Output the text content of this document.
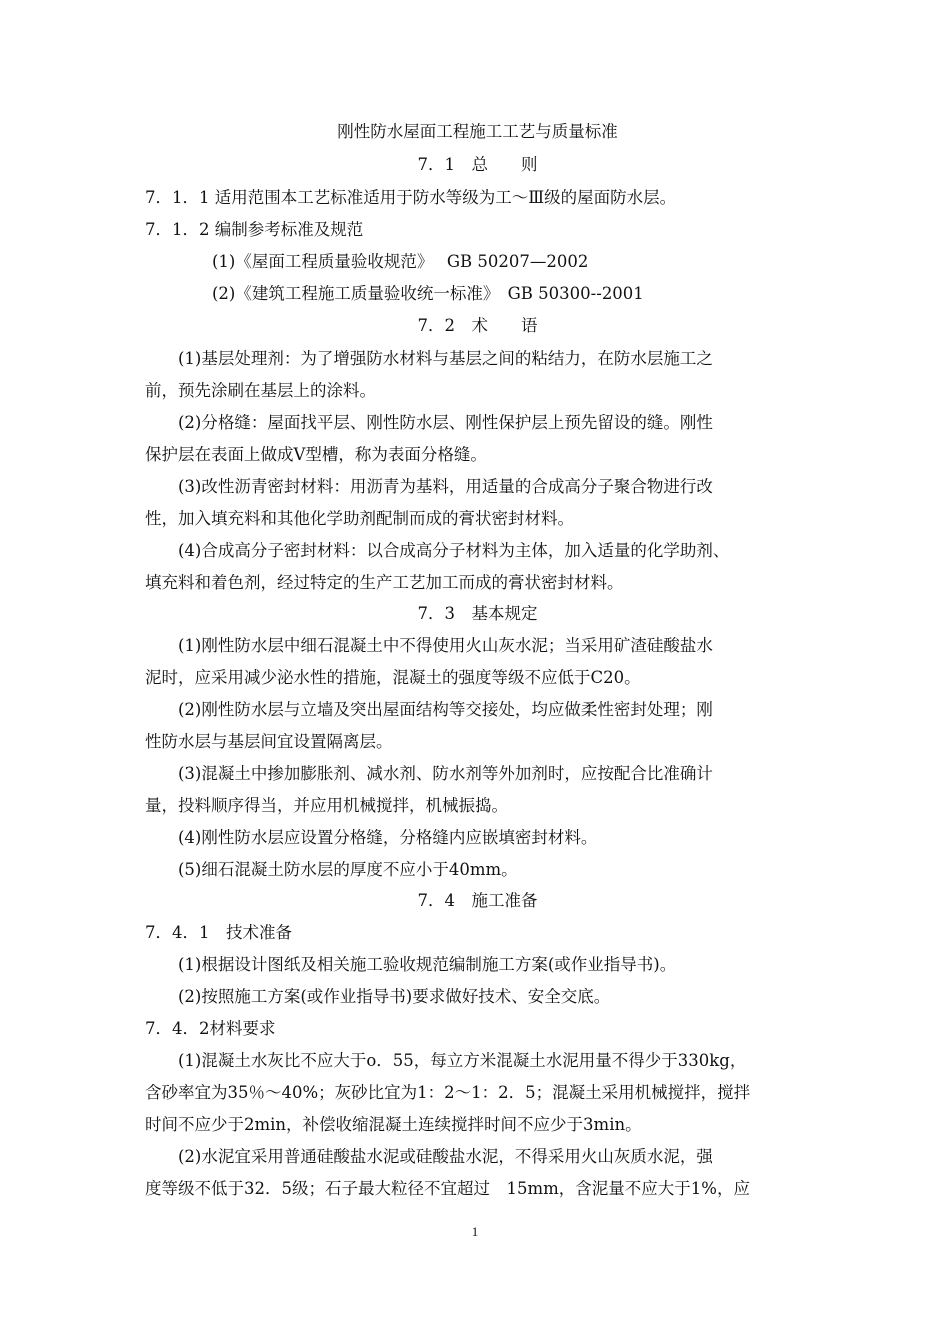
刚性防水屋面工程施工工艺与质量标准
7．1　总　　则
7．1．1 适用范围本工艺标准适用于防水等级为工～Ⅲ级的屋面防水层。
7．1．2 编制参考标准及规范
(1)《屋面工程质量验收规范》　 GB 50207—2002
(2)《建筑工程施工质量验收统一标准》　GB 50300--2001
7．2　术　　语
(1)基层处理剂：为了增强防水材料与基层之间的粘结力，在防水层施工之
前，预先涂刷在基层上的涂料。
(2)分格缝：屋面找平层、刚性防水层、刚性保护层上预先留设的缝。刚性
保护层在表面上做成V型槽，称为表面分格缝。
(3)改性沥青密封材料：用沥青为基料，用适量的合成高分子聚合物进行改
性，加入填充料和其他化学助剂配制而成的膏状密封材料。
(4)合成高分子密封材料：以合成高分子材料为主体，加入适量的化学助剂、
填充料和着色剂，经过特定的生产工艺加工而成的膏状密封材料。
7．3　基本规定
(1)刚性防水层中细石混凝土中不得使用火山灰水泥；当采用矿渣硅酸盐水
泥时，应采用减少泌水性的措施，混凝土的强度等级不应低于C20。
(2)刚性防水层与立墙及突出屋面结构等交接处，均应做柔性密封处理；刚
性防水层与基层间宜设置隔离层。
(3)混凝土中掺加膨胀剂、减水剂、防水剂等外加剂时，应按配合比准确计
量，投料顺序得当，并应用机械搅拌，机械振捣。
(4)刚性防水层应设置分格缝，分格缝内应嵌填密封材料。
(5)细石混凝土防水层的厚度不应小于40mm。
7．4　施工准备
7．4．1　技术准备
(1)根据设计图纸及相关施工验收规范编制施工方案(或作业指导书)。
(2)按照施工方案(或作业指导书)要求做好技术、安全交底。
7．4．2材料要求
(1)混凝土水灰比不应大于o．55，每立方米混凝土水泥用量不得少于330kg，
含砂率宜为35％～40%；灰砂比宜为1：2～1：2．5；混凝土采用机械搅拌，搅拌
时间不应少于2min，补偿收缩混凝土连续搅拌时间不应少于3min。
(2)水泥宜采用普通硅酸盐水泥或硅酸盐水泥，不得采用火山灰质水泥，强
度等级不低于32．5级；石子最大粒径不宜超过　15mm，含泥量不应大于1%，应
1
